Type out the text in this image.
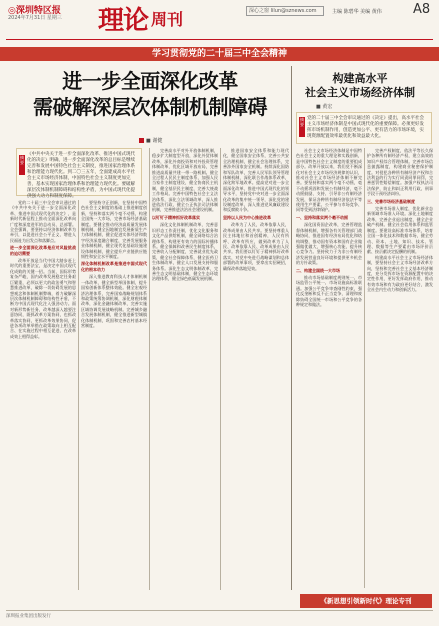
◎深圳特区报
2024年7月31日 星期三 理论 周刊	深心之窗 lilun@sznews.com	主编 陈碧华 美编 黄伟 A8
学习贯彻党的二十届三中全会精神
进一步全面深化改革
需破解深层次体制机制障碍
■ 谢健
摘要
《中共中央关于进一步全面深化改革、推进中国式现代化的决定》明确，进一步全面深化改革的总目标是继续完善和发展中国特色社会主义制度，推进国家治理体系和治理能力现代化。到二〇三五年，全面建成高水平社会主义市场经济体制，中国特色社会主义制度更加完善，基本实现国家治理体系和治理能力现代化。要破解深层次体制机制障碍和结构性矛盾，为中国式现代化提供强大动力和制度保障。

党的二十届三中全会审议通过的《中共中央关于进一步全面深化改革、推进中国式现代化的决定》，是新时代新征程上推动全面深化改革向广度和深度进军的总动员、总部署。全会强调，要坚持以经济体制改革为牵引，以促进社会公平正义、增进人民福祉为出发点和落脚点。

进一步全面深化改革是应对风险挑战的迫切需要

改革开放是当代中国大踏步赶上时代的重要法宝，是决定中国式现代化成败的关键一招。当前，国际形势复杂严峻，国内改革发展稳定任务艰巨繁重，必须以更大的政治勇气和智慧推进改革，破除一切妨碍发展的思想观念和体制机制弊端，着力破解深层次体制机制障碍和结构性矛盾，不断为中国式现代化注入强劲动力。面对新形势新任务，改革越深入越要注意协同，既抓改革方案协同，也抓改革落实协同，更抓改革效果协同，促进各项改革举措在政策取向上相互配合、在实施过程中相互促进、在改革成效上相得益彰。

要坚持守正创新，在坚持中国特色社会主义制度的基础上推进制度创新，坚持和落实两个毫不动摇，构建全国统一大市场，完善市场经济基础制度。要健全推动经济高质量发展体制机制，健全因地制宜发展新质生产力体制机制，健全促进实体经济和数字经济深度融合制度，完善发展服务业体制机制，健全现代化基础设施建设体制机制，健全提升产业链供应链韧性和安全水平制度。

深化体制机制改革是推进中国式现代化的根本动力

深入推进教育科技人才体制机制一体改革，健全新型举国体制，提升国家创新体系整体效能。健全宏观经济治理体系，完善国家战略规划体系和政策统筹协调机制，深化财税体制改革，深化金融体制改革，完善实施区域协调发展战略机制。完善城乡融合发展体制机制，健全推进新型城镇化体制机制，巩固和完善农村基本经营制度。

完善高水平对外开放体制机制，稳步扩大制度型开放，深化外贸体制改革，深化外商投资和对外投资管理体制改革，优化区域开放布局，完善推进高质量共建一带一路机制。健全全过程人民民主制度体系，加强人民当家作主制度建设，健全协商民主机制，健全基层民主制度，完善大统战工作格局。完善中国特色社会主义法治体系，深化立法领域改革，深入推进依法行政，健全公正执法司法体制机制，完善推进法治社会建设机制。

以钉钉子精神抓好改革落实

深化文化体制机制改革，完善意识形态工作责任制，优化文化服务和文化产品供给机制，健全网络综合治理体系，构建更有效力的国际传播体系。健全保障和改善民生制度体系，完善收入分配制度，完善就业优先政策，健全社会保障体系，健全医药卫生体制改革，健全人口发展支持和服务体系。深化生态文明体制改革，完善生态文明基础体制，健全生态环境治理体系，健全绿色低碳发展机制。

推进国家安全体系和能力现代化，健全国家安全体系，完善公共安全治理机制，健全社会治理体系，完善涉外国家安全机制。持续深化国防和军队改革，完善人民军队领导管理体制机制，深化联合作战体系改革，深化跨军地改革。提高党对进一步全面深化改革、推进中国式现代化的领导水平，坚持党中央对进一步全面深化改革的集中统一领导，深化党的建设制度改革，深入推进党风廉政建设和反腐败斗争。

坚持以人民为中心推进改革

改革为了人民，改革依靠人民，改革成果由人民共享。要坚持尊重人民主体地位和首创精神，人民有所呼、改革有所应，做到改革为了人民、改革依靠人民、改革成果由人民共享。我们要以钉钉子精神抓好改革落实，对党中央进行战略谋划和总体部署的改革事项，要拿出实招硬招，确保改革落地见效。

构建高水平
社会主义市场经济体制
■ 黄宏
摘要
党的二十届三中全会审议通过的《决定》提出，高水平社会主义市场经济体制是中国式现代化的重要保障。必须更好发挥市场机制作用，创造更加公平、更有活力的市场环境，实现资源配置效率最优化和效益最大化。

社会主义市场经济体制是中国特色社会主义的重大理论和实践创新，是中国特色社会主义制度的重要组成部分。改革开放以来，我们党不断深化对社会主义市场经济规律的认识，推动社会主义市场经济体制不断完善。要坚持和落实两个毫不动摇，毫不动摇巩固和发展公有制经济，毫不动摇鼓励、支持、引导非公有制经济发展，保证各种所有制经济依法平等使用生产要素、公平参与市场竞争、同等受到法律保护。

一、坚持和落实两个毫不动摇

深化国资国企改革，完善管理监督体制机制，增强各有关管理部门战略协同，推进国有经济布局优化和结构调整，推动国有资本和国有企业做强做优做大，增强核心功能，提升核心竞争力。坚持致力于为非公有制经济发展营造良好环境和提供更多机会的方针政策。

二、构建全国统一大市场

推动市场基础制度规则统一、市场监管公平统一、市场设施高标准联通。加强公平竞争审查刚性约束，强化反垄断和反不正当竞争，清理和废除妨碍全国统一市场和公平竞争的各种规定和做法。

完善产权制度，依法平等长久保护各种所有制经济产权，建立高效的知识产权综合管理体制。完善市场信息披露制度，构建商业秘密保护制度。对侵犯各种所有制经济产权和合法利益的行为实行同责同罪同罚，完善惩罚性赔偿制度。加强产权执法司法保护，防止和纠正利用行政、刑事手段干预经济纠纷。

三、完善市场经济基础制度

完善市场准入制度，优化新业态新领域市场准入环境。深化土地制度改革，完善企业退出制度，健全企业破产机制。健全社会信用体系和监管制度。要建设高标准市场体系，培育全国一体化技术和数据市场，健全劳动、资本、土地、知识、技术、管理、数据等生产要素由市场评价贡献、按贡献决定报酬的机制。

构建高水平社会主义市场经济体制，要坚持社会主义市场经济改革方向，坚持和完善社会主义基本经济制度，充分发挥市场在资源配置中的决定性作用，更好发挥政府作用，推动有效市场和有为政府更好结合，激发全社会内生动力和创新活力。

《新思想引领新时代》理论专刊
深圳报业集团出版发行
